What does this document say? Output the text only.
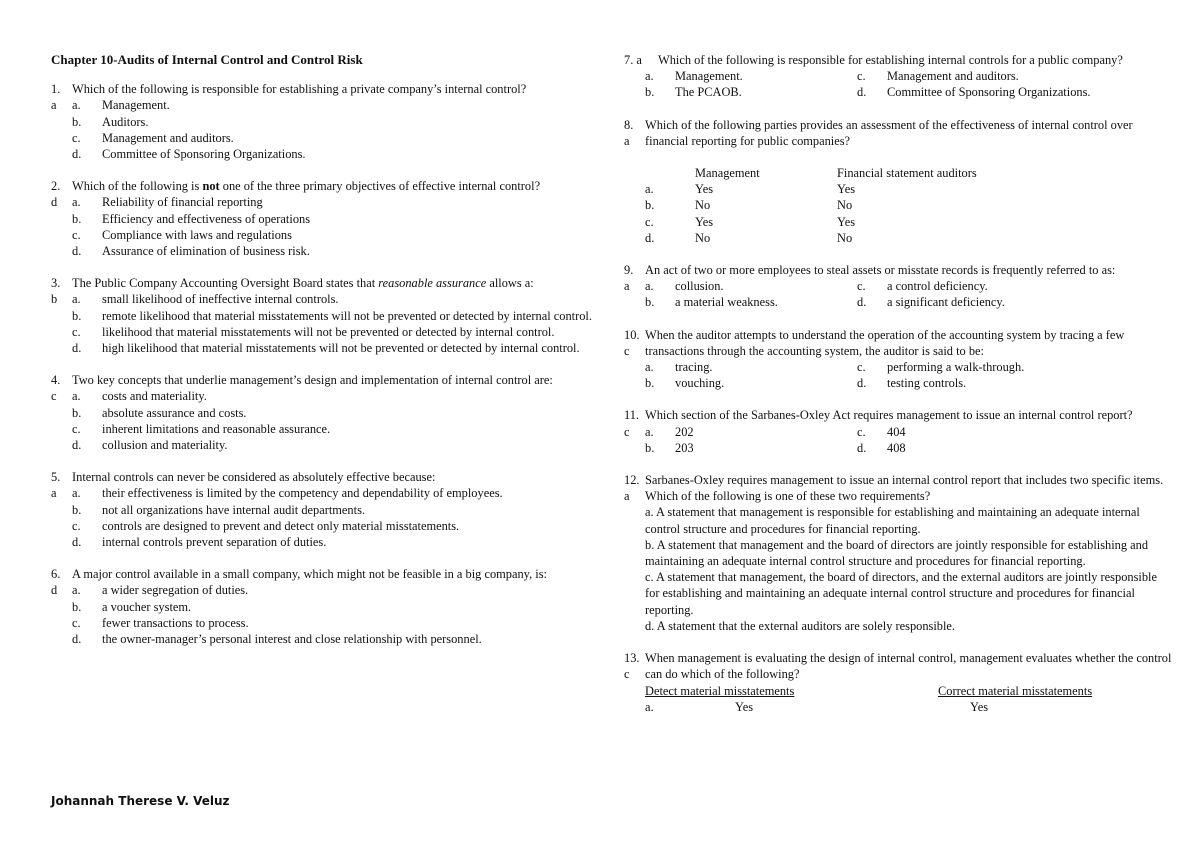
Chapter 10-Audits of Internal Control and Control Risk
1.
a
Which of the following is responsible for establishing a private company’s internal control?
a.	Management.
b.	Auditors.
c.	Management and auditors.
d.	Committee of Sponsoring Organizations.
2.
d
Which of the following is not one of the three primary objectives of effective internal control?
a.	Reliability of financial reporting
b.	Efficiency and effectiveness of operations
c.	Compliance with laws and regulations
d.	Assurance of elimination of business risk.
3.
b
The Public Company Accounting Oversight Board states that reasonable assurance allows a:
a.	small likelihood of ineffective internal controls.
b.	remote likelihood that material misstatements will not be prevented or detected by internal control.
c.	likelihood that material misstatements will not be prevented or detected by internal control.
d.	high likelihood that material misstatements will not be prevented or detected by internal control.
4.
c
Two key concepts that underlie management’s design and implementation of internal control are:
a.	costs and materiality.
b.	absolute assurance and costs.
c.	inherent limitations and reasonable assurance.
d.	collusion and materiality.
5.
a
Internal controls can never be considered as absolutely effective because:
a.	their effectiveness is limited by the competency and dependability of employees.
b.	not all organizations have internal audit departments.
c.	controls are designed to prevent and detect only material misstatements.
d.	internal controls prevent separation of duties.
6.
d
A major control available in a small company, which might not be feasible in a big company, is:
a.	a wider segregation of duties.
b.	a voucher system.
c.	fewer transactions to process.
d.	the owner-manager’s personal interest and close relationship with personnel.
7. a Which of the following is responsible for establishing internal controls for a public company?
a.	Management.	c.	Management and auditors.
b.	The PCAOB.	d.	Committee of Sponsoring Organizations.
8.
a
Which of the following parties provides an assessment of the effectiveness of internal control over financial reporting for public companies?
Management	Financial statement auditors
a.	Yes	Yes
b.	No	No
c.	Yes	Yes
d.	No	No
9.
a
An act of two or more employees to steal assets or misstate records is frequently referred to as:
a.	collusion.	c.	a control deficiency.
b.	a material weakness.	d.	a significant deficiency.
10.
c
When the auditor attempts to understand the operation of the accounting system by tracing a few transactions through the accounting system, the auditor is said to be:
a.	tracing.	c.	performing a walk-through.
b.	vouching.	d.	testing controls.
11.
c
Which section of the Sarbanes-Oxley Act requires management to issue an internal control report?
a.	202	c.	404
b.	203	d.	408
12.
a
Sarbanes-Oxley requires management to issue an internal control report that includes two specific items. Which of the following is one of these two requirements?
a. A statement that management is responsible for establishing and maintaining an adequate internal control structure and procedures for financial reporting.
b. A statement that management and the board of directors are jointly responsible for establishing and maintaining an adequate internal control structure and procedures for financial reporting.
c. A statement that management, the board of directors, and the external auditors are jointly responsible for establishing and maintaining an adequate internal control structure and procedures for financial reporting.
d. A statement that the external auditors are solely responsible.
13.
c
When management is evaluating the design of internal control, management evaluates whether the control can do which of the following?
Detect material misstatements	Correct material misstatements
a.	Yes	Yes
Johannah Therese V. Veluz
